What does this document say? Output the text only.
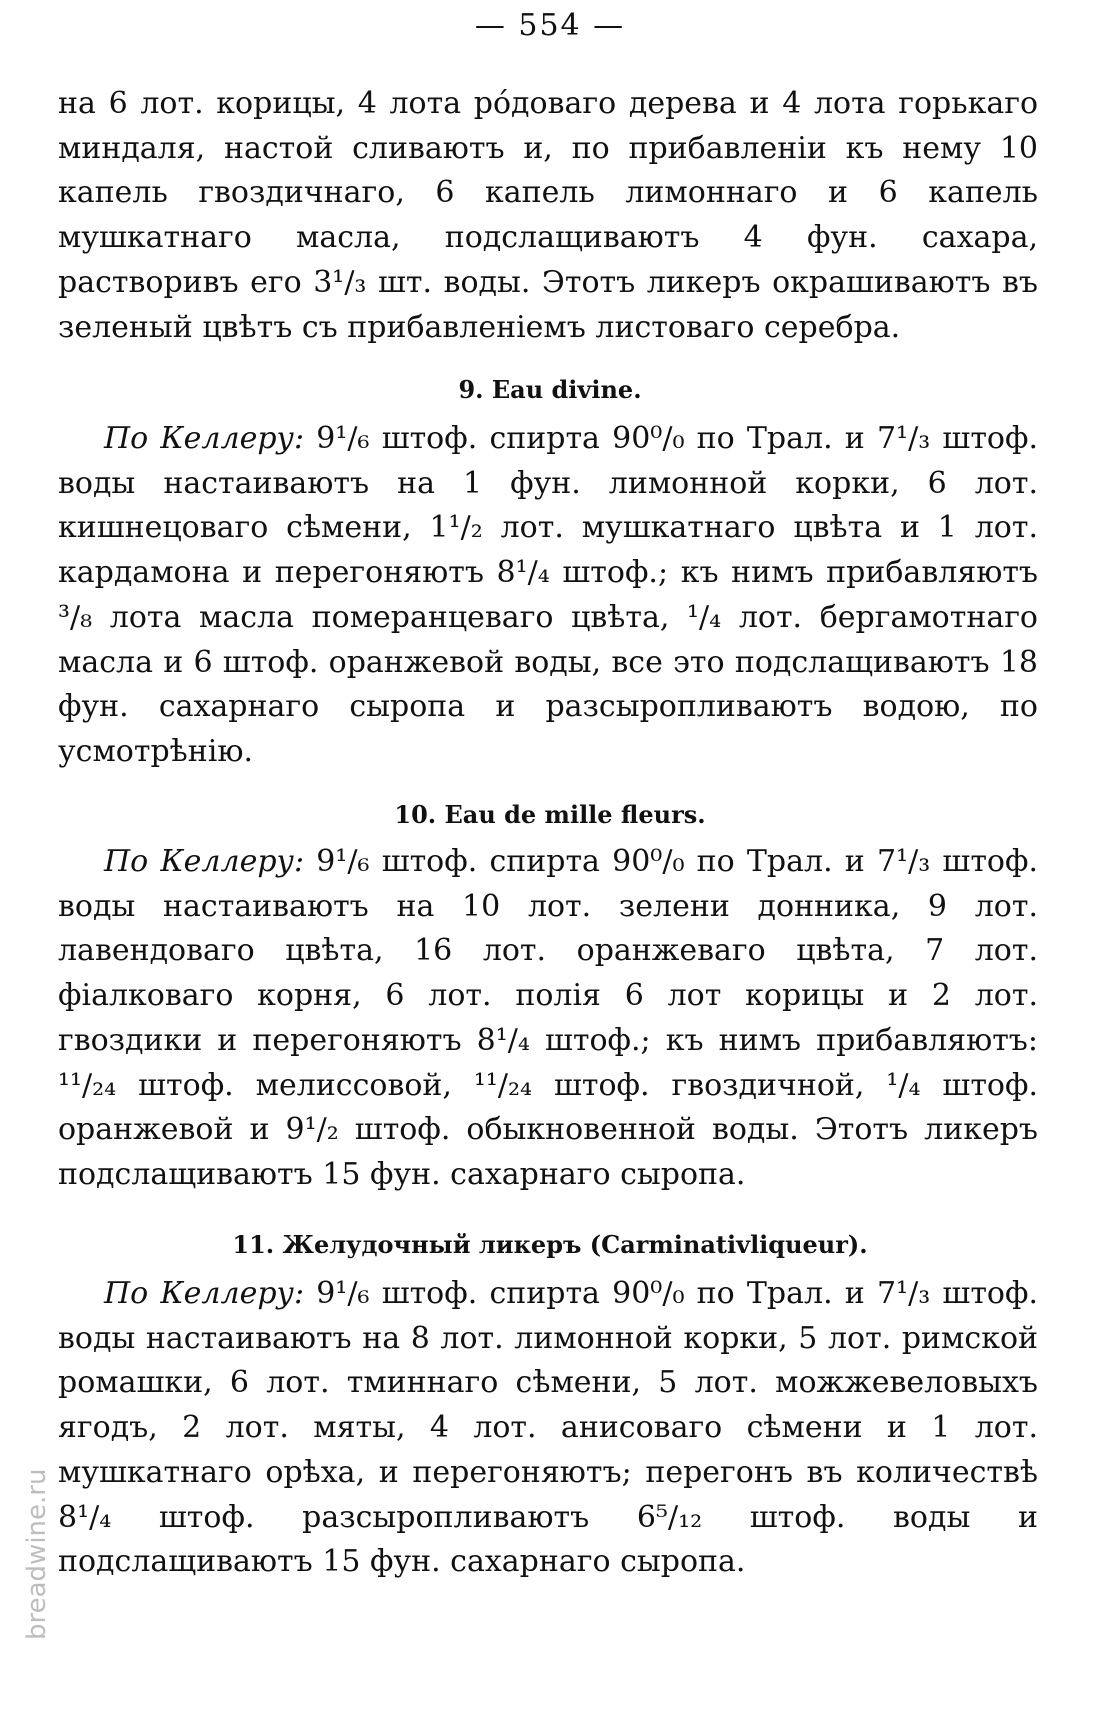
— 554 —

на 6 лот. корицы, 4 лота рóдоваго дерева и 4 лота горькаго миндаля, настой сливаютъ и, по прибавленіи къ нему 10 капель гвоздичнаго, 6 капель лимоннаго и 6 капель мушкатнаго масла, подслащиваютъ 4 фун. сахара, растворивъ его 3¹/₃ шт. воды. Этотъ ликеръ окрашиваютъ въ зеленый цвѣтъ съ прибавленіемъ листоваго серебра.

9. Eau divine.

По Келлеру: 9¹/₆ штоф. спирта 90⁰/₀ по Трал. и 7¹/₃ штоф. воды настаиваютъ на 1 фун. лимонной корки, 6 лот. кишнецоваго сѣмени, 1¹/₂ лот. мушкатнаго цвѣта и 1 лот. кардамона и перегоняютъ 8¹/₄ штоф.; къ нимъ прибавляютъ ³/₈ лота масла померанцеваго цвѣта, ¹/₄ лот. бергамотнаго масла и 6 штоф. оранжевой воды, все это подслащиваютъ 18 фун. сахарнаго сыропа и разсыропливаютъ водою, по усмотрѣнію.

10. Eau de mille fleurs.

По Келлеру: 9¹/₆ штоф. спирта 90⁰/₀ по Трал. и 7¹/₃ штоф. воды настаиваютъ на 10 лот. зелени донника, 9 лот. лавендоваго цвѣта, 16 лот. оранжеваго цвѣта, 7 лот. фіалковаго корня, 6 лот. полія 6 лот корицы и 2 лот. гвоздики и перегоняютъ 8¹/₄ штоф.; къ нимъ прибавляютъ: ¹¹/₂₄ штоф. мелиссовой, ¹¹/₂₄ штоф. гвоздичной, ¹/₄ штоф. оранжевой и 9¹/₂ штоф. обыкновенной воды. Этотъ ликеръ подслащиваютъ 15 фун. сахарнаго сыропа.

11. Желудочный ликеръ (Carminativliqueur).

По Келлеру: 9¹/₆ штоф. спирта 90⁰/₀ по Трал. и 7¹/₃ штоф. воды настаиваютъ на 8 лот. лимонной корки, 5 лот. римской ромашки, 6 лот. тминнаго сѣмени, 5 лот. можжевеловыхъ ягодъ, 2 лот. мяты, 4 лот. анисоваго сѣмени и 1 лот. мушкатнаго орѣха, и перегоняютъ; перегонъ въ количествѣ 8¹/₄ штоф. разсыропливаютъ 6⁵/₁₂ штоф. воды и подслащиваютъ 15 фун. сахарнаго сыропа.

breadwine.ru
